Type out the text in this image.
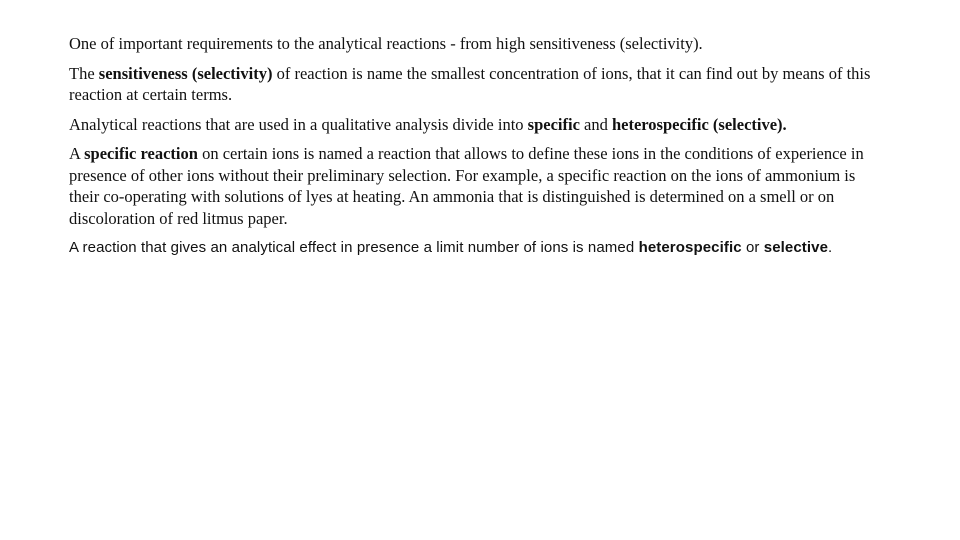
One of important requirements to the analytical reactions - from high sensitiveness (selectivity).

The sensitiveness (selectivity) of reaction is name the smallest concentration of ions, that it can find out by means of this reaction at certain terms.

Analytical reactions that are used in a qualitative analysis divide into specific and heterospecific (selective).

A specific reaction on certain ions is named a reaction that allows to define these ions in the conditions of experience in presence of other ions without their preliminary selection. For example, a specific reaction on the ions of ammonium is their co-operating with solutions of lyes at heating. An ammonia that is distinguished is determined on a smell or on discoloration of red litmus paper.

A reaction that gives an analytical effect in presence a limit number of ions is named heterospecific or selective.
